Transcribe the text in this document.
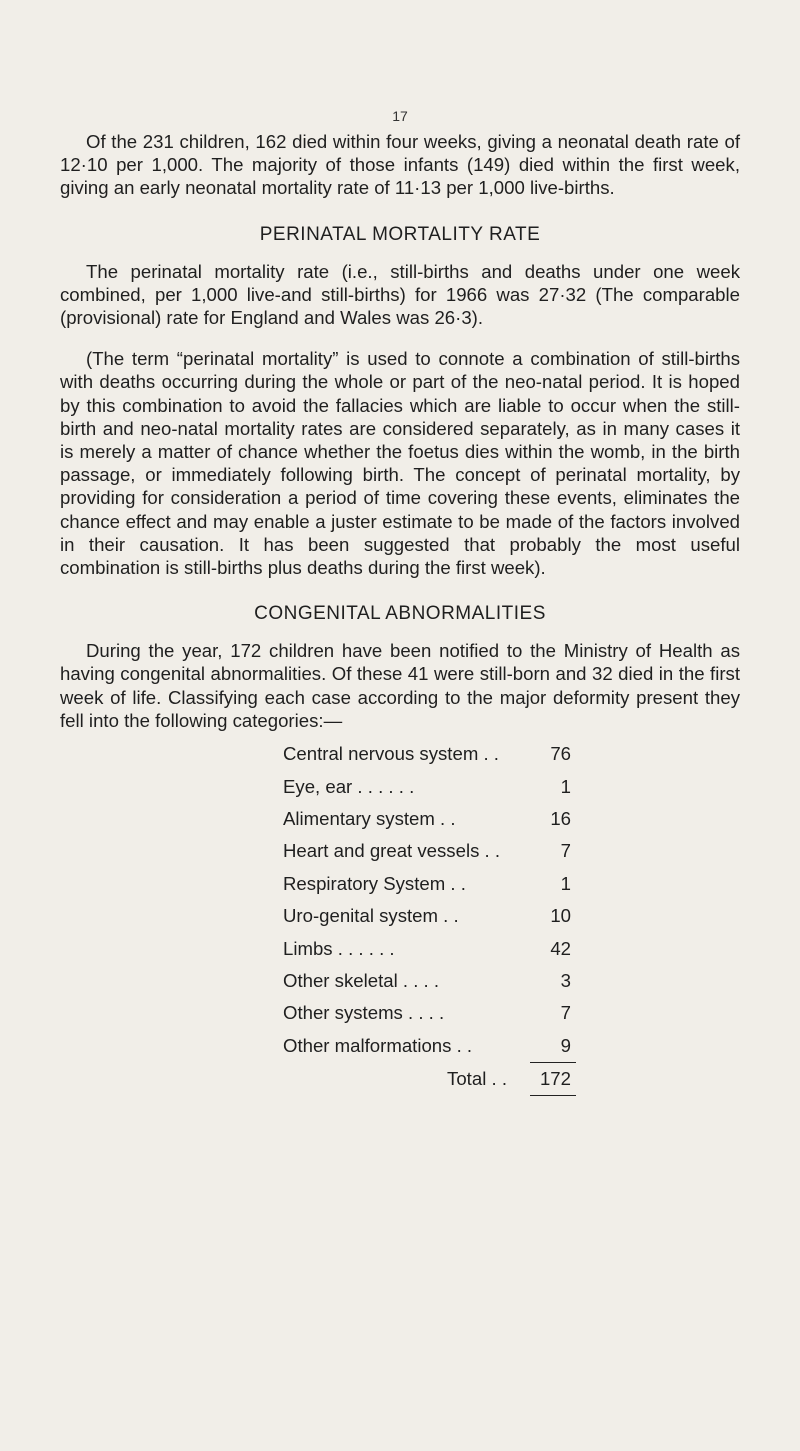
17

Of the 231 children, 162 died within four weeks, giving a neonatal death rate of 12·10 per 1,000. The majority of those infants (149) died within the first week, giving an early neonatal mortality rate of 11·13 per 1,000 live-births.

PERINATAL MORTALITY RATE

The perinatal mortality rate (i.e., still-births and deaths under one week combined, per 1,000 live-and still-births) for 1966 was 27·32 (The comparable (provisional) rate for England and Wales was 26·3).

(The term “perinatal mortality” is used to connote a combination of still-births with deaths occurring during the whole or part of the neo-natal period. It is hoped by this combination to avoid the fallacies which are liable to occur when the still-birth and neo-natal mortality rates are considered separately, as in many cases it is merely a matter of chance whether the foetus dies within the womb, in the birth passage, or immediately following birth. The concept of perinatal mortality, by providing for consideration a period of time covering these events, eliminates the chance effect and may enable a juster estimate to be made of the factors involved in their causation. It has been suggested that probably the most useful combination is still-births plus deaths during the first week).

CONGENITAL ABNORMALITIES

During the year, 172 children have been notified to the Ministry of Health as having congenital abnormalities. Of these 41 were still-born and 32 died in the first week of life. Classifying each case according to the major deformity present they fell into the following categories:—

Central nervous system . .	76
Eye, ear . . . . . .	1
Alimentary system . .	16
Heart and great vessels . .	7
Respiratory System . .	1
Uro-genital system . .	10
Limbs . . . . . .	42
Other skeletal . . . .	3
Other systems . . . .	7
Other malformations . .	9
Total . .	172
